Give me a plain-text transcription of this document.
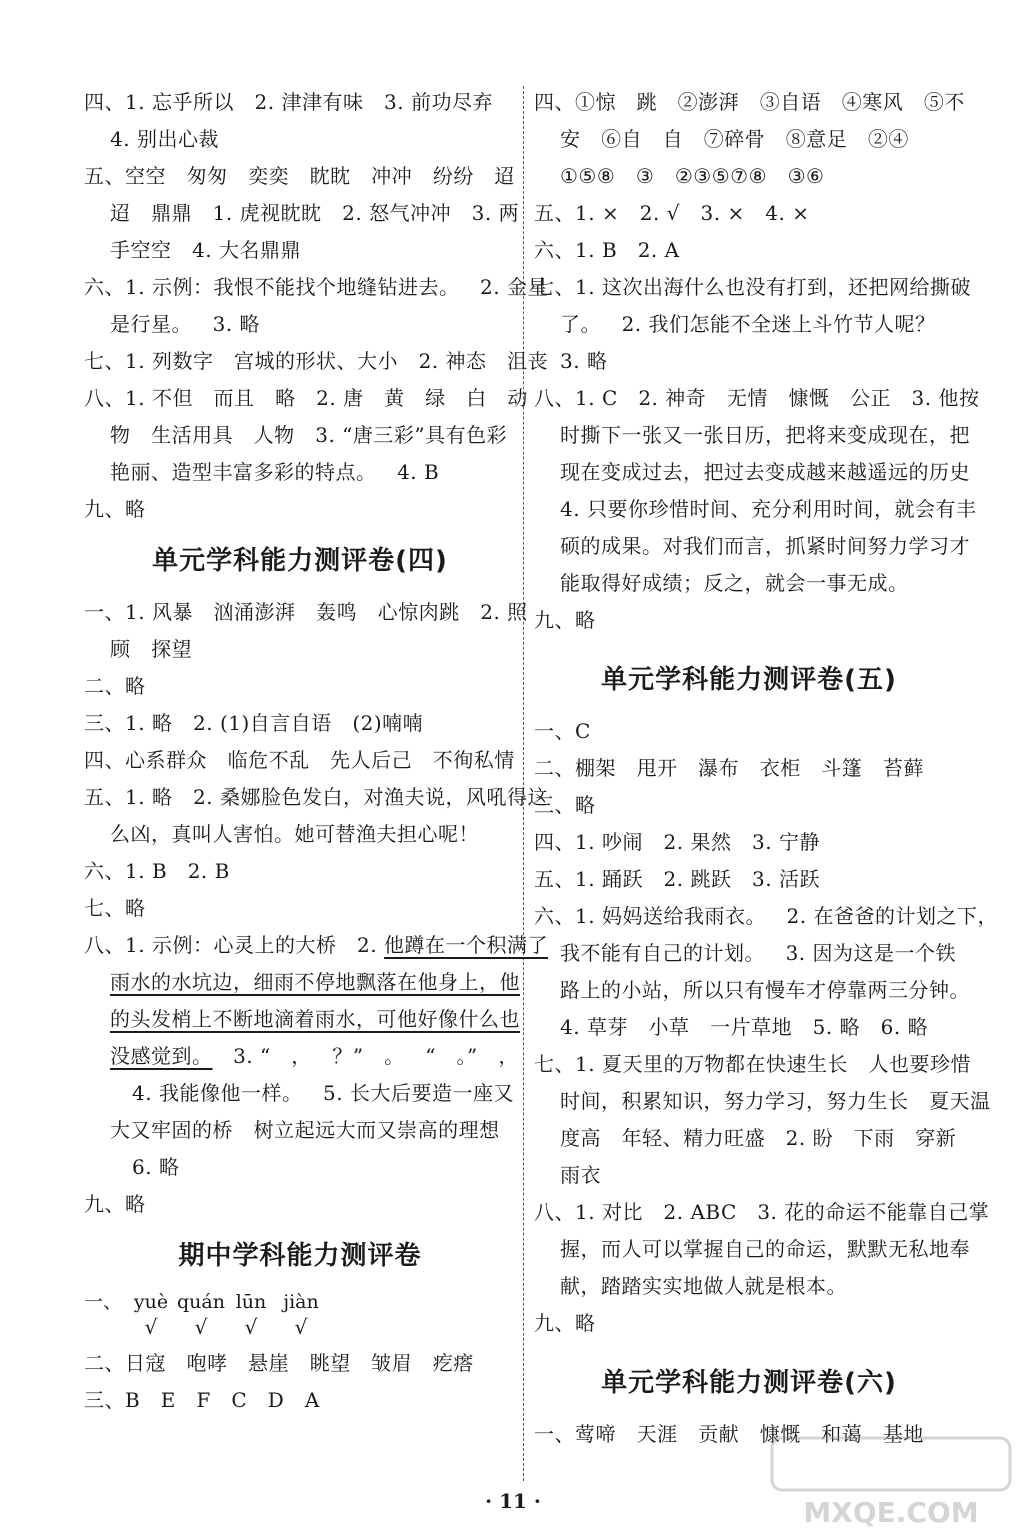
四、1. 忘乎所以   2. 津津有味   3. 前功尽弃
4. 别出心裁
五、空空   匆匆   奕奕   眈眈   冲冲   纷纷   迢
迢   鼎鼎   1. 虎视眈眈   2. 怒气冲冲   3. 两
手空空   4. 大名鼎鼎
六、1. 示例：我恨不能找个地缝钻进去。   2. 金星
是行星。   3. 略
七、1. 列数字   宫城的形状、大小   2. 神态   沮丧
八、1. 不但   而且   略   2. 唐   黄   绿   白   动
物   生活用具   人物   3. “唐三彩”具有色彩
艳丽、造型丰富多彩的特点。   4. B
九、略
单元学科能力测评卷(四)
一、1. 风暴   汹涌澎湃   轰鸣   心惊肉跳   2. 照
顾   探望
二、略
三、1. 略   2. (1)自言自语   (2)喃喃
四、心系群众   临危不乱   先人后己   不徇私情
五、1. 略   2. 桑娜脸色发白，对渔夫说，风吼得这
么凶，真叫人害怕。她可替渔夫担心呢！
六、1. B   2. B
七、略
八、1. 示例：心灵上的大桥   2. 他蹲在一个积满了
雨水的水坑边，细雨不停地飘落在他身上，他
的头发梢上不断地滴着雨水，可他好像什么也
没感觉到。   3. “   ，   ？”   。   “   。”   ，
4. 我能像他一样。   5. 长大后要造一座又
大又牢固的桥   树立起远大而又崇高的理想
6. 略
九、略
期中学科能力测评卷
一、 yuè quán lūn jiàn
√ √ √ √
二、日寇   咆哮   悬崖   眺望   皱眉   疙瘩
三、B   E   F   C   D   A
四、①惊   跳   ②澎湃   ③自语   ④寒风   ⑤不
安   ⑥自   自   ⑦碎骨   ⑧意足   ②④
①⑤⑧   ③   ②③⑤⑦⑧   ③⑥
五、1. ×   2. √   3. ×   4. ×
六、1. B   2. A
七、1. 这次出海什么也没有打到，还把网给撕破
了。   2. 我们怎能不全迷上斗竹节人呢？
3. 略
八、1. C   2. 神奇   无情   慷慨   公正   3. 他按
时撕下一张又一张日历，把将来变成现在，把
现在变成过去，把过去变成越来越遥远的历史
4. 只要你珍惜时间、充分利用时间，就会有丰
硕的成果。对我们而言，抓紧时间努力学习才
能取得好成绩；反之，就会一事无成。
九、略
单元学科能力测评卷(五)
一、C
二、棚架   甩开   瀑布   衣柜   斗篷   苔藓
三、略
四、1. 吵闹   2. 果然   3. 宁静
五、1. 踊跃   2. 跳跃   3. 活跃
六、1. 妈妈送给我雨衣。   2. 在爸爸的计划之下，
我不能有自己的计划。   3. 因为这是一个铁
路上的小站，所以只有慢车才停靠两三分钟。
4. 草芽   小草   一片草地   5. 略   6. 略
七、1. 夏天里的万物都在快速生长   人也要珍惜
时间，积累知识，努力学习，努力生长   夏天温
度高   年轻、精力旺盛   2. 盼   下雨   穿新
雨衣
八、1. 对比   2. ABC   3. 花的命运不能靠自己掌
握，而人可以掌握自己的命运，默默无私地奉
献，踏踏实实地做人就是根本。
九、略
单元学科能力测评卷(六)
一、莺啼   天涯   贡献   慷慨   和蔼   基地
· 11 ·	MXQE.COM
